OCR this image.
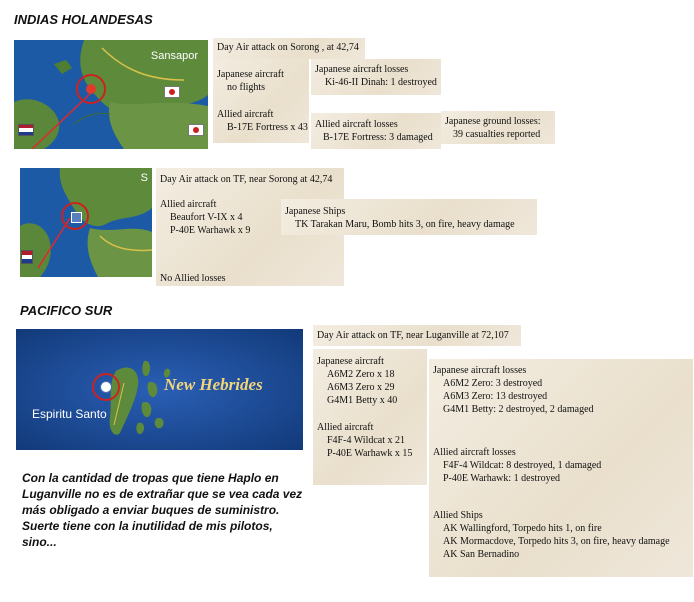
INDIAS HOLANDESAS
Sansapor
Day Air attack on Sorong , at 42,74
Japanese aircraft
no flights
Allied aircraft
B-17E Fortress x 43
Japanese aircraft losses
Ki-46-II Dinah: 1 destroyed
Allied aircraft losses
B-17E Fortress: 3 damaged
Japanese ground losses:
39 casualties reported
S	Day Air attack on TF, near Sorong at 42,74
Allied aircraft
Beaufort V-IX x 4
P-40E Warhawk x 9
No Allied losses
Japanese Ships
TK Tarakan Maru, Bomb hits 3, on fire, heavy damage
PACIFICO SUR
New Hebrides
Espiritu Santo
Day Air attack on TF, near Luganville at 72,107
Japanese aircraft
A6M2 Zero x 18
A6M3 Zero x 29
G4M1 Betty x 40
Allied aircraft
F4F-4 Wildcat x 21
P-40E Warhawk x 15
Japanese aircraft losses
A6M2 Zero: 3 destroyed
A6M3 Zero: 13 destroyed
G4M1 Betty: 2 destroyed, 2 damaged
Allied aircraft losses
F4F-4 Wildcat: 8 destroyed, 1 damaged
P-40E Warhawk: 1 destroyed
Allied Ships
AK Wallingford, Torpedo hits 1, on fire
AK Mormacdove, Torpedo hits 3, on fire, heavy damage
AK San Bernadino
Con la cantidad de tropas que tiene Haplo en Luganville no es de extrañar que se vea cada vez más obligado a enviar buques de suministro. Suerte tiene con la inutilidad de mis pilotos, sino...
